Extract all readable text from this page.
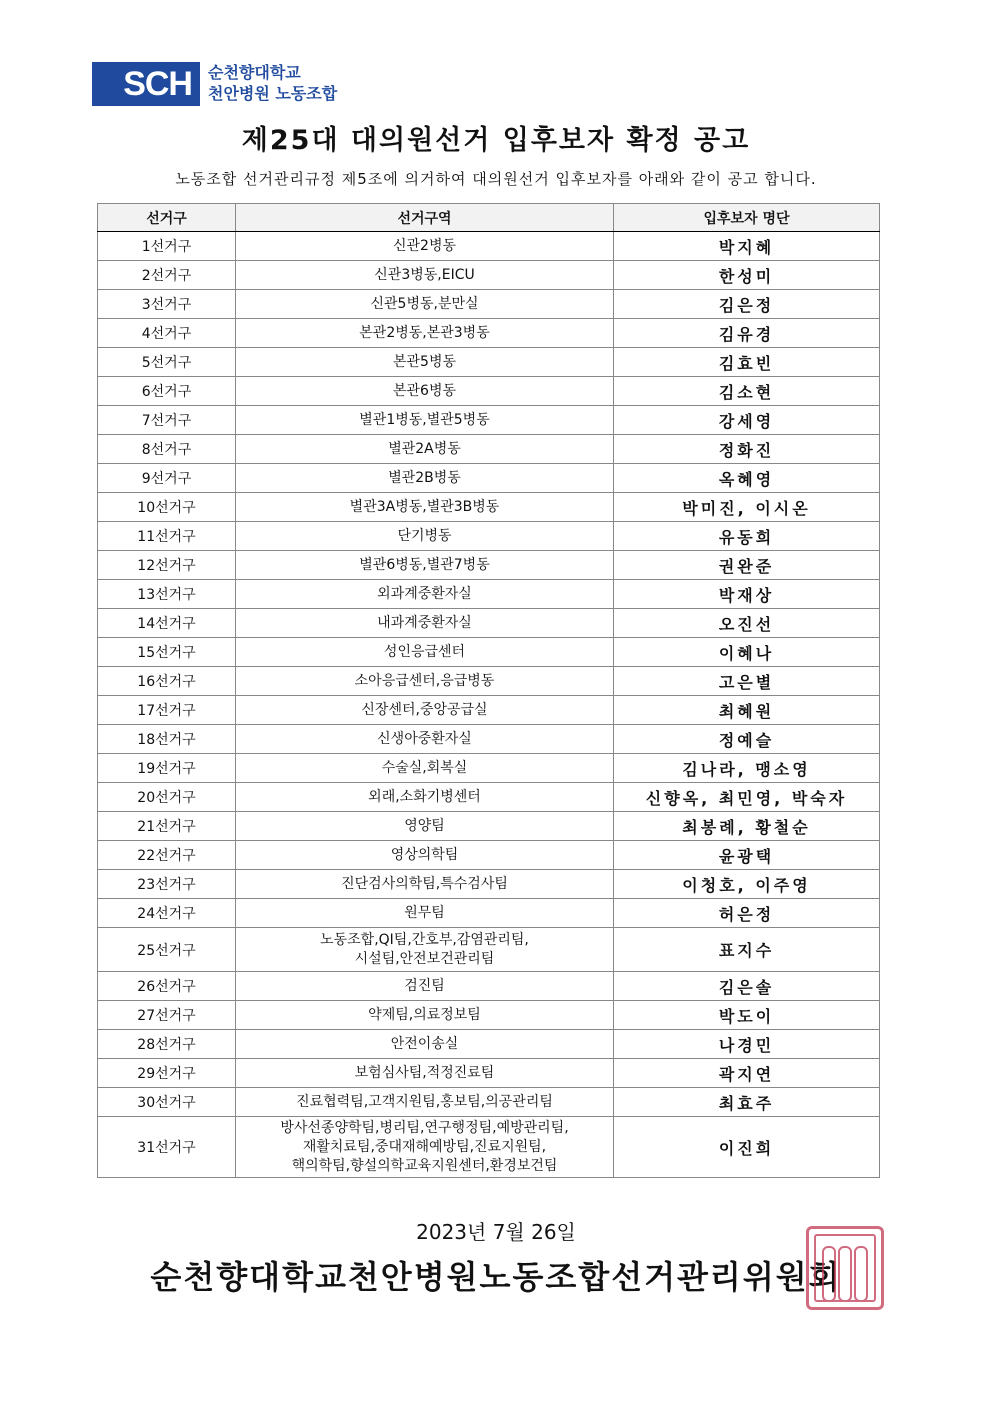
SCH	순천향대학교
천안병원 노동조합
제25대 대의원선거 입후보자 확정 공고
노동조합 선거관리규정 제5조에 의거하여 대의원선거 입후보자를 아래와 같이 공고 합니다.
선거구	선거구역	입후보자 명단
1선거구	신관2병동	박지혜
2선거구	신관3병동,EICU	한성미
3선거구	신관5병동,분만실	김은정
4선거구	본관2병동,본관3병동	김유경
5선거구	본관5병동	김효빈
6선거구	본관6병동	김소현
7선거구	별관1병동,별관5병동	강세영
8선거구	별관2A병동	정화진
9선거구	별관2B병동	옥혜영
10선거구	별관3A병동,별관3B병동	박미진, 이시온
11선거구	단기병동	유동희
12선거구	별관6병동,별관7병동	권완준
13선거구	외과계중환자실	박재상
14선거구	내과계중환자실	오진선
15선거구	성인응급센터	이혜나
16선거구	소아응급센터,응급병동	고은별
17선거구	신장센터,중앙공급실	최혜원
18선거구	신생아중환자실	정예슬
19선거구	수술실,회복실	김나라, 맹소영
20선거구	외래,소화기병센터	신향옥, 최민영, 박숙자
21선거구	영양팀	최봉례, 황철순
22선거구	영상의학팀	윤광택
23선거구	진단검사의학팀,특수검사팀	이청호, 이주영
24선거구	원무팀	허은정
25선거구	노동조합,QI팀,간호부,감염관리팀,
시설팀,안전보건관리팀	표지수
26선거구	검진팀	김은솔
27선거구	약제팀,의료정보팀	박도이
28선거구	안전이송실	나경민
29선거구	보험심사팀,적정진료팀	곽지연
30선거구	진료협력팀,고객지원팀,홍보팀,의공관리팀	최효주
31선거구	방사선종양학팀,병리팀,연구행정팀,예방관리팀,
재활치료팀,중대재해예방팀,진료지원팀,
핵의학팀,향설의학교육지원센터,환경보건팀	이진희
2023년 7월 26일
순천향대학교천안병원노동조합선거관리위원회
